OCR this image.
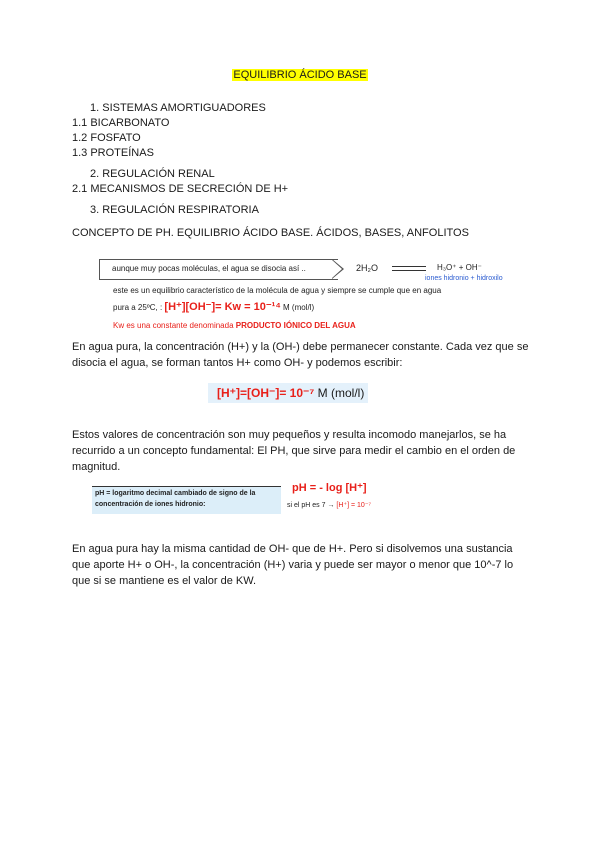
EQUILIBRIO ÁCIDO BASE
1. SISTEMAS AMORTIGUADORES
1.1 BICARBONATO
1.2 FOSFATO
1.3 PROTEÍNAS
2. REGULACIÓN RENAL
2.1 MECANISMOS DE SECRECIÓN DE H+
3. REGULACIÓN RESPIRATORIA
CONCEPTO DE PH. EQUILIBRIO ÁCIDO BASE. ÁCIDOS, BASES, ANFOLITOS
aunque muy pocas moléculas, el agua se disocia así ..	2H₂O	H₃O⁺ + OH⁻
iones hidronio + hidroxilo
este es un equilibrio característico de la molécula de agua y siempre se cumple que en agua
pura a 25ºC, : [H⁺][OH⁻]= Kw = 10⁻¹⁴ M (mol/l)
Kw es una constante denominada PRODUCTO IÓNICO DEL AGUA
En agua pura, la concentración (H+) y la (OH-) debe permanecer constante. Cada vez que se disocia el agua, se forman tantos H+ como OH- y podemos escribir:
[H⁺]=[OH⁻]= 10⁻⁷ M (mol/l)
Estos valores de concentración son muy pequeños y resulta incomodo manejarlos, se ha recurrido a un concepto fundamental: El PH, que sirve para medir el cambio en el orden de magnitud.
pH = logaritmo decimal cambiado de signo de la
concentración de iones hidronio:
pH = - log [H⁺]
si el pH es 7 → [H⁺] = 10⁻⁷
En agua pura hay la misma cantidad de OH- que de H+. Pero si disolvemos una sustancia que aporte H+ o OH-, la concentración (H+) varia y puede ser mayor o menor que 10^-7 lo que si se mantiene es el valor de KW.
